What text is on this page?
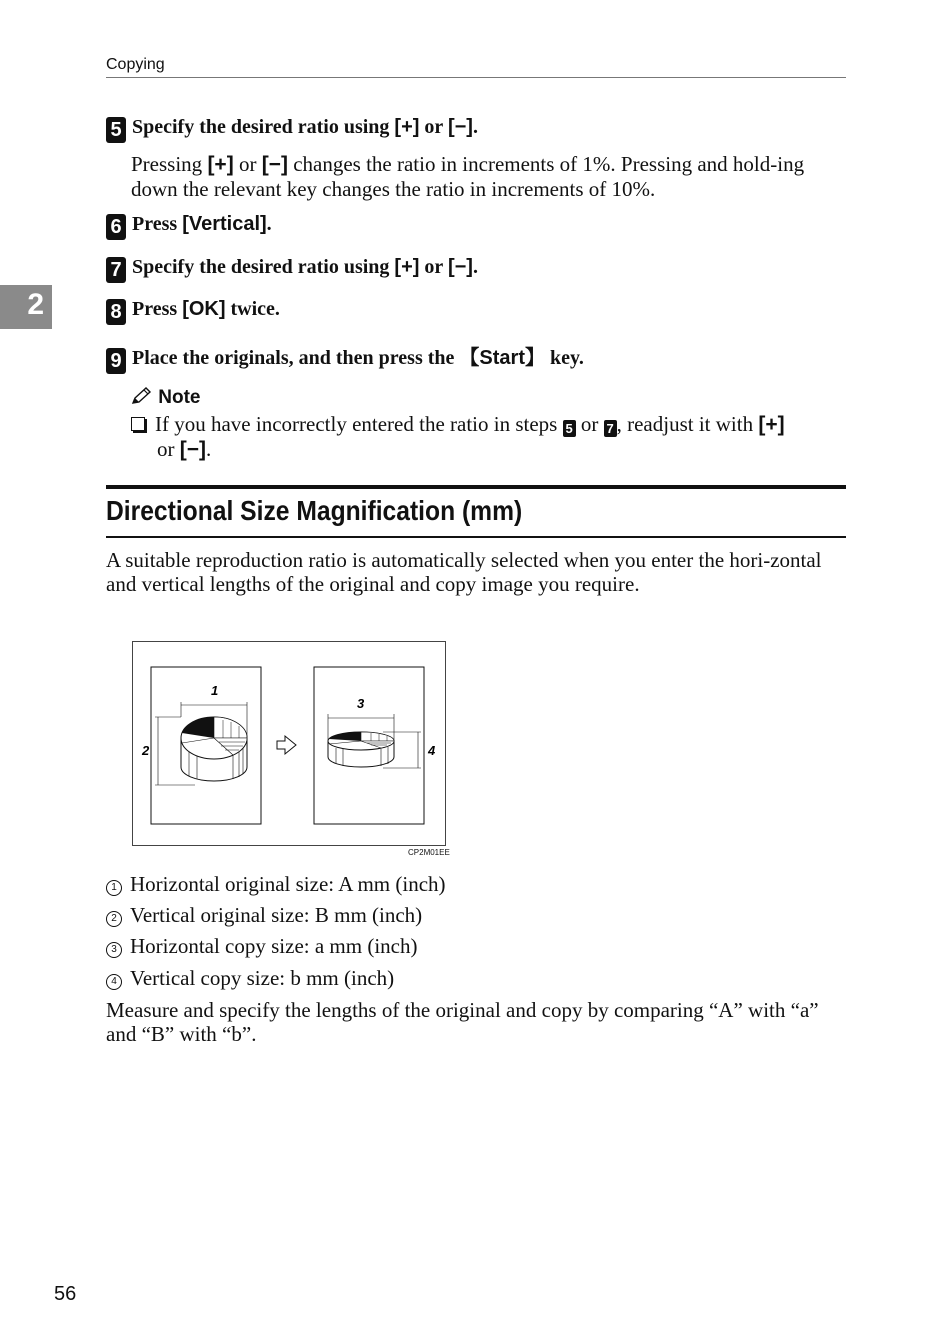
Copying
2
5 Specify the desired ratio using [+] or [−].
Pressing [+] or [−] changes the ratio in increments of 1%. Pressing and hold-ing down the relevant key changes the ratio in increments of 10%.
6 Press [Vertical].
7 Specify the desired ratio using [+] or [−].
8 Press [OK] twice.
9 Place the originals, and then press the 【Start】 key.
Note
If you have incorrectly entered the ratio in steps 5 or 7 , readjust it with [+]
or [−].
Directional Size Magnification (mm)
A suitable reproduction ratio is automatically selected when you enter the hori-zontal and vertical lengths of the original and copy image you require.
1
2
3
4
CP2M01EE
1 Horizontal original size: A mm (inch)
2 Vertical original size: B mm (inch)
3 Horizontal copy size: a mm (inch)
4 Vertical copy size: b mm (inch)
Measure and specify the lengths of the original and copy by comparing “A” with “a” and “B” with “b”.
56
